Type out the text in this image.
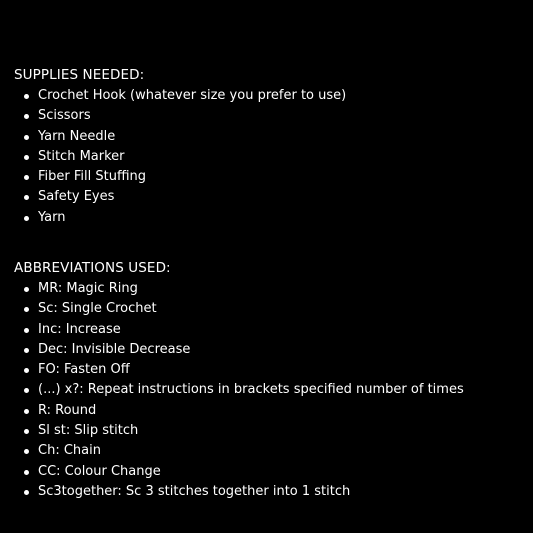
SUPPLIES NEEDED:
Crochet Hook (whatever size you prefer to use)
Scissors
Yarn Needle
Stitch Marker
Fiber Fill Stuffing
Safety Eyes
Yarn
ABBREVIATIONS USED:
MR: Magic Ring
Sc: Single Crochet
Inc: Increase
Dec: Invisible Decrease
FO: Fasten Off
(...) x?: Repeat instructions in brackets specified number of times
R: Round
Sl st: Slip stitch
Ch: Chain
CC: Colour Change
Sc3together: Sc 3 stitches together into 1 stitch
